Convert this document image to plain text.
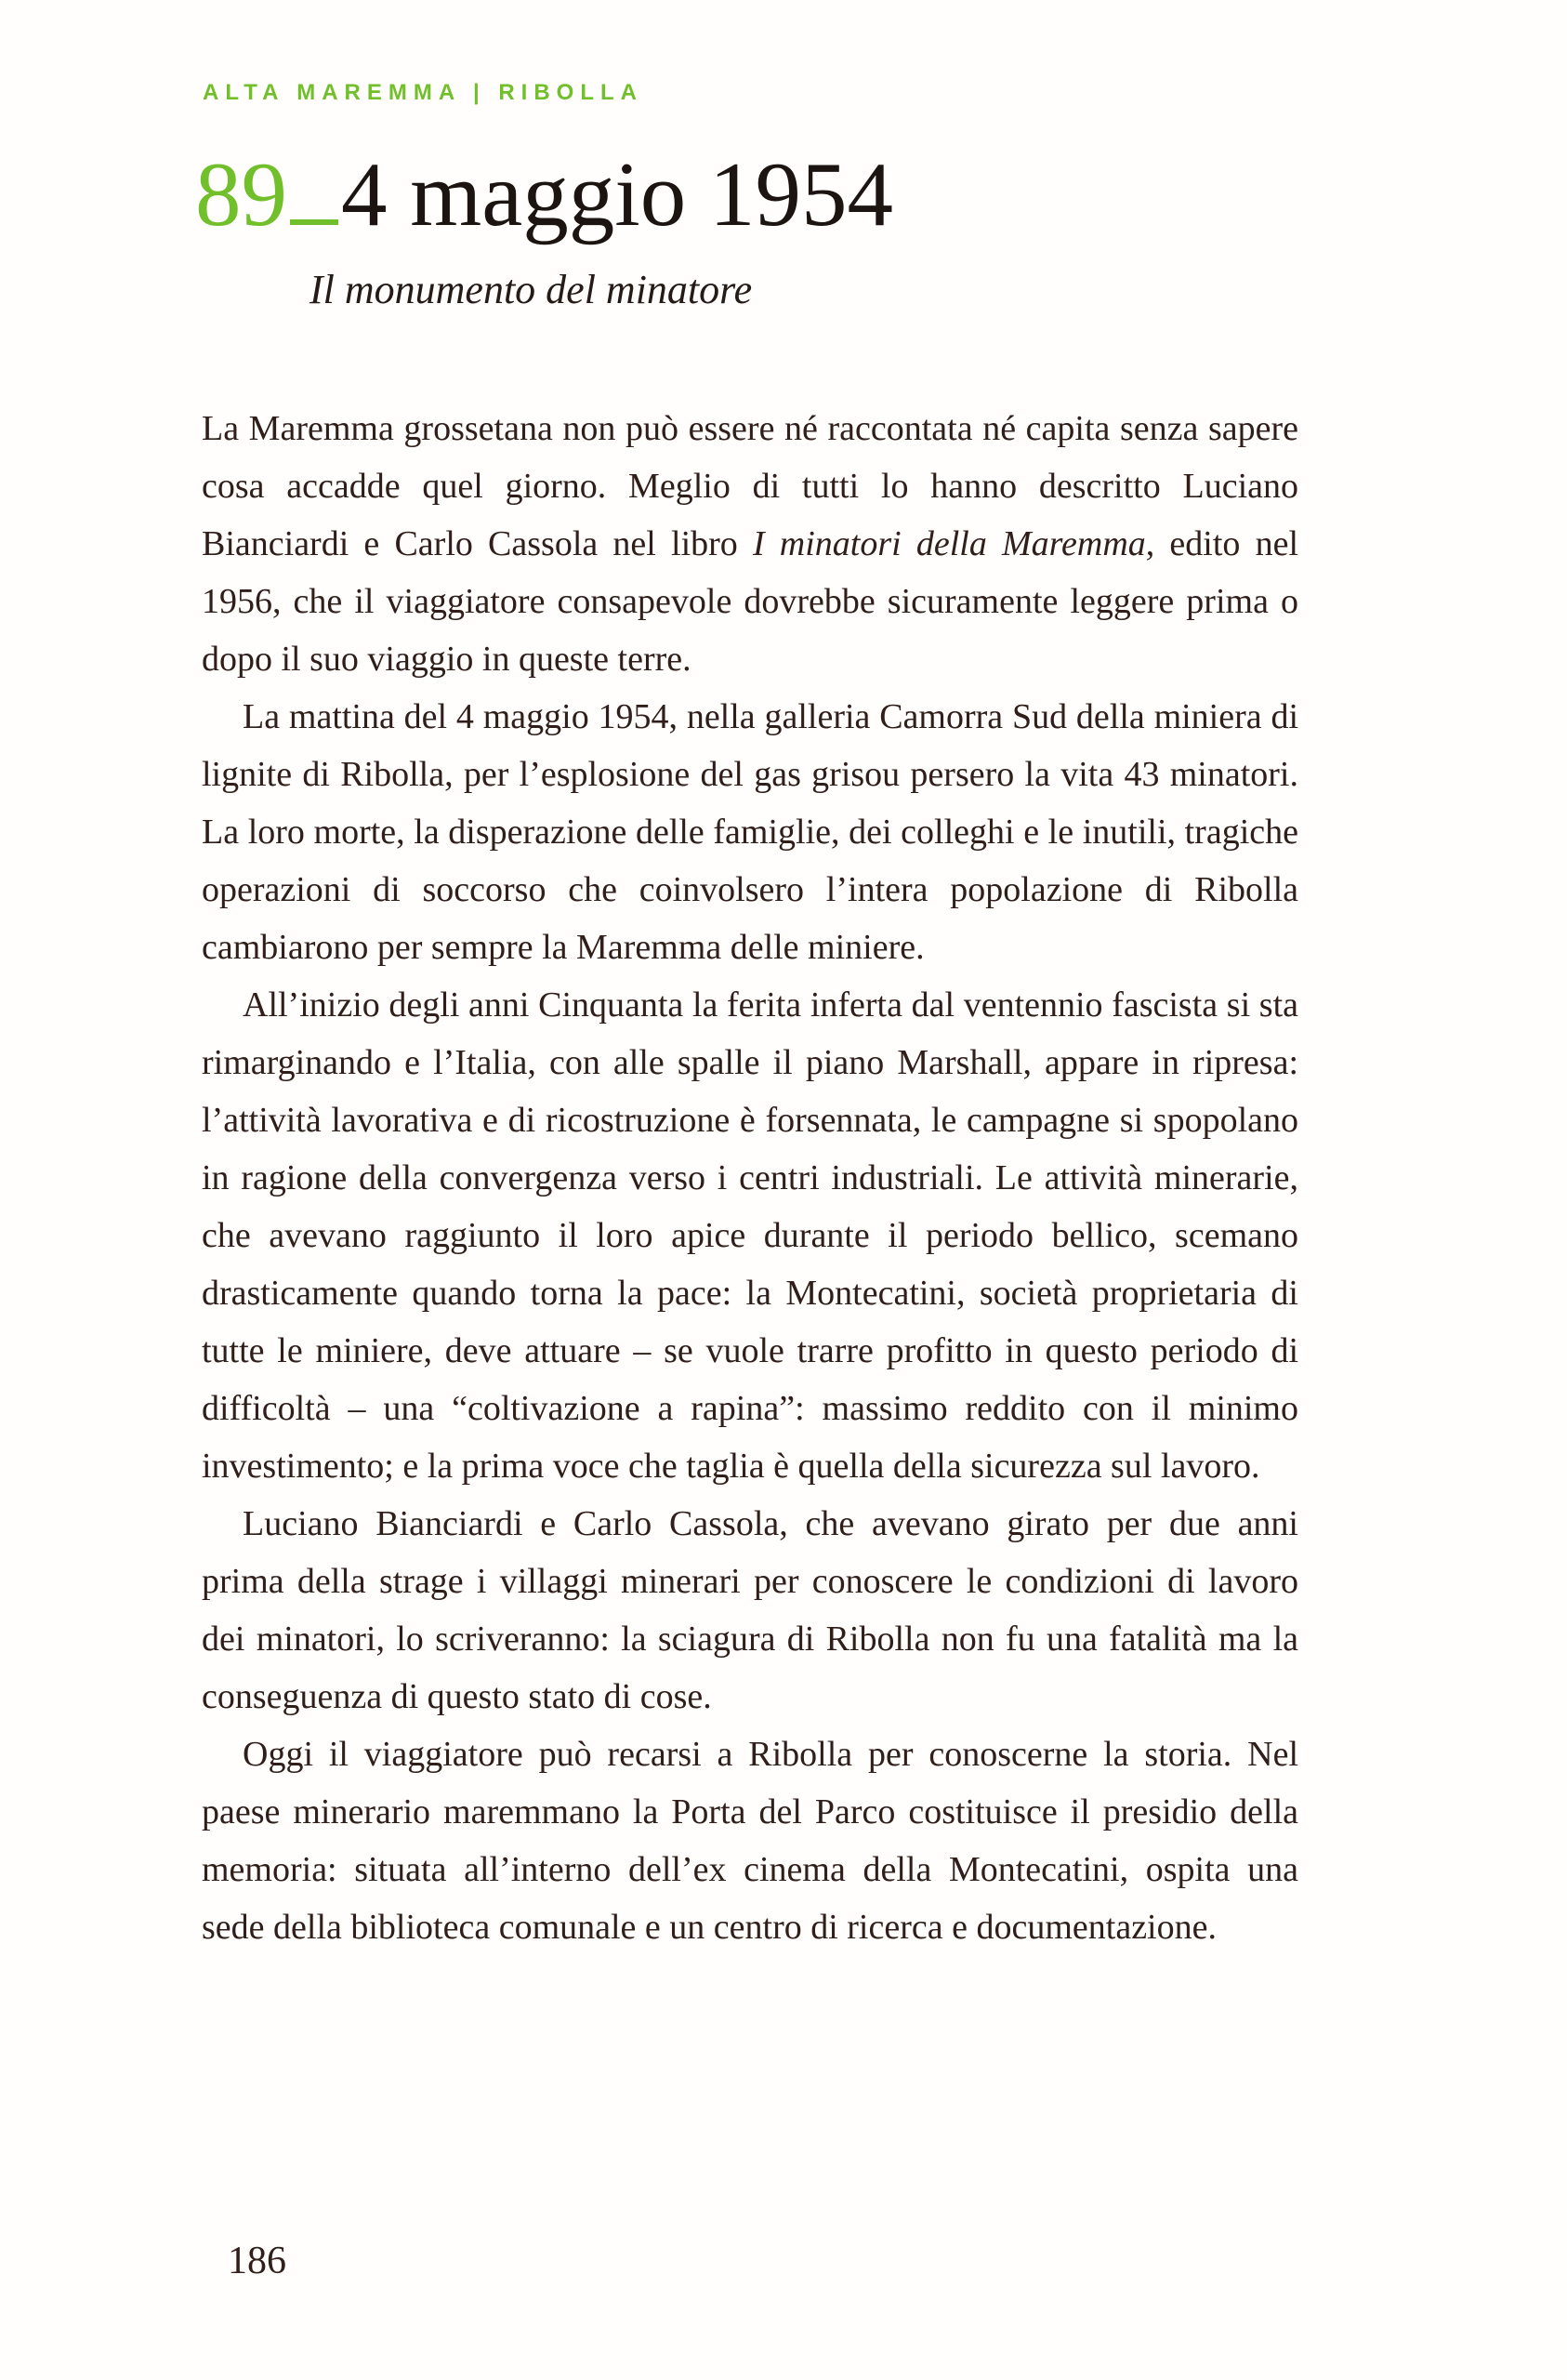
ALTA MAREMMA | RIBOLLA
89 4 maggio 1954
Il monumento del minatore

La Maremma grossetana non può essere né raccontata né capita senza sapere cosa accadde quel giorno. Meglio di tutti lo hanno descritto Luciano Bianciardi e Carlo Cassola nel libro I minatori della Maremma, edito nel 1956, che il viaggiatore consapevole dovrebbe sicuramente leggere prima o dopo il suo viaggio in queste terre.

La mattina del 4 maggio 1954, nella galleria Camorra Sud della miniera di lignite di Ribolla, per l’esplosione del gas grisou persero la vita 43 minatori. La loro morte, la disperazione delle famiglie, dei colleghi e le inutili, tragiche operazioni di soccorso che coinvolsero l’intera popolazione di Ribolla cambiarono per sempre la Maremma delle miniere.

All’inizio degli anni Cinquanta la ferita inferta dal ventennio fascista si sta rimarginando e l’Italia, con alle spalle il piano Marshall, appare in ripresa: l’attività lavorativa e di ricostruzione è forsennata, le campagne si spopolano in ragione della convergenza verso i centri industriali. Le attività minerarie, che avevano raggiunto il loro apice durante il periodo bellico, scemano drasticamente quando torna la pace: la Montecatini, società proprietaria di tutte le miniere, deve attuare – se vuole trarre profitto in questo periodo di difficoltà – una “coltivazione a rapina”: massimo reddito con il minimo investimento; e la prima voce che taglia è quella della sicurezza sul lavoro.

Luciano Bianciardi e Carlo Cassola, che avevano girato per due anni prima della strage i villaggi minerari per conoscere le condizioni di lavoro dei minatori, lo scriveranno: la sciagura di Ribolla non fu una fatalità ma la conseguenza di questo stato di cose.

Oggi il viaggiatore può recarsi a Ribolla per conoscerne la storia. Nel paese minerario maremmano la Porta del Parco costituisce il presidio della memoria: situata all’interno dell’ex cinema della Montecatini, ospita una sede della biblioteca comunale e un centro di ricerca e documentazione.

186
